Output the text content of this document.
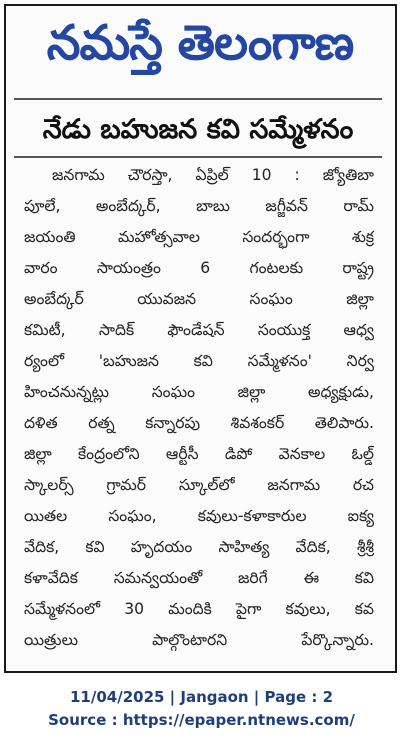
నమస్తే తెలంగాణ
నేడు బహుజన కవి సమ్మేళనం
జనగామ చౌరస్తా, ఏప్రిల్ 10 : జ్యోతిబా
పూలే, అంబేద్కర్, బాబు జగ్జీవన్ రామ్
జయంతి మహోత్సవాల సందర్భంగా శుక్ర
వారం సాయంత్రం 6 గంటలకు రాష్ట్ర
అంబేద్కర్ యువజన సంఘం జిల్లా
కమిటీ, సాదిక్ ఫౌండేషన్ సంయుక్త ఆధ్వ
ర్యంలో 'బహుజన కవి సమ్మేళనం' నిర్వ
హించనున్నట్లు సంఘం జిల్లా అధ్యక్షుడు,
దళిత రత్న కన్నారపు శివశంకర్ తెలిపారు.
జిల్లా కేంద్రంలోని ఆర్టీసీ డిపో వెనకాల ఓల్డ్
స్కాలర్స్ గ్రామర్ స్కూల్‌లో జనగామ రచ
యితల సంఘం, కవులు-కళాకారుల ఐక్య
వేదిక, కవి హృదయం సాహిత్య వేదిక, శ్రీశ్రీ
కళావేదిక సమన్వయంతో జరిగే ఈ కవి
సమ్మేళనంలో 30 మందికి పైగా కవులు, కవ
యిత్రులు పాల్గొంటారని పేర్కొన్నారు.
11/04/2025 | Jangaon | Page : 2
Source : https://epaper.ntnews.com/
